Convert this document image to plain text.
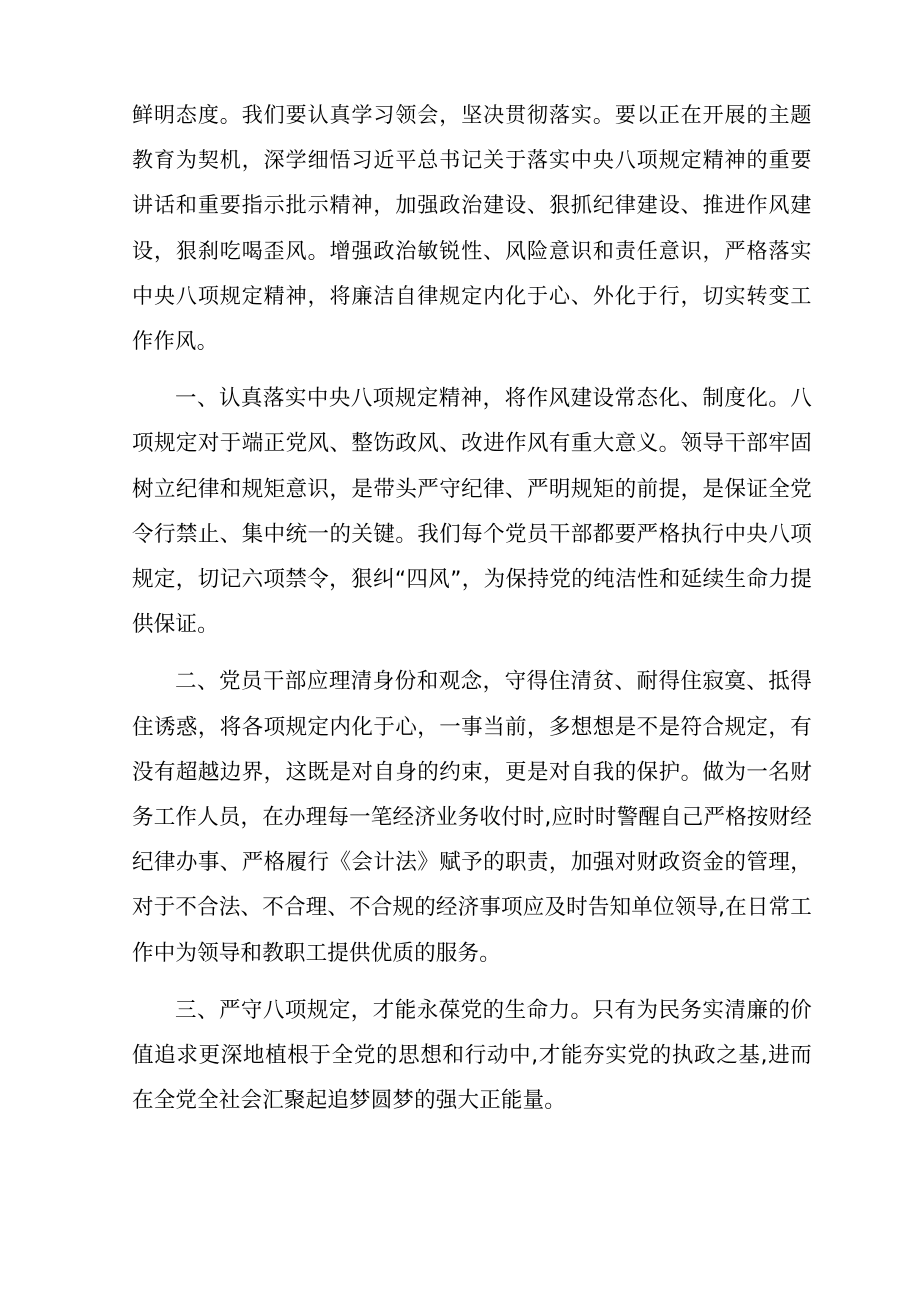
鲜明态度。我们要认真学习领会，坚决贯彻落实。要以正在开展的主题教育为契机，深学细悟习近平总书记关于落实中央八项规定精神的重要讲话和重要指示批示精神，加强政治建设、狠抓纪律建设、推进作风建设，狠刹吃喝歪风。增强政治敏锐性、风险意识和责任意识，严格落实中央八项规定精神，将廉洁自律规定内化于心、外化于行，切实转变工作作风。

一、认真落实中央八项规定精神，将作风建设常态化、制度化。八项规定对于端正党风、整饬政风、改进作风有重大意义。领导干部牢固树立纪律和规矩意识，是带头严守纪律、严明规矩的前提，是保证全党令行禁止、集中统一的关键。我们每个党员干部都要严格执行中央八项规定，切记六项禁令，狠纠“四风”，为保持党的纯洁性和延续生命力提供保证。

二、党员干部应理清身份和观念，守得住清贫、耐得住寂寞、抵得住诱惑，将各项规定内化于心，一事当前，多想想是不是符合规定，有没有超越边界，这既是对自身的约束，更是对自我的保护。做为一名财务工作人员，在办理每一笔经济业务收付时,应时时警醒自己严格按财经纪律办事、严格履行《会计法》赋予的职责，加强对财政资金的管理，对于不合法、不合理、不合规的经济事项应及时告知单位领导,在日常工作中为领导和教职工提供优质的服务。

三、严守八项规定，才能永葆党的生命力。只有为民务实清廉的价值追求更深地植根于全党的思想和行动中,才能夯实党的执政之基,进而在全党全社会汇聚起追梦圆梦的强大正能量。
